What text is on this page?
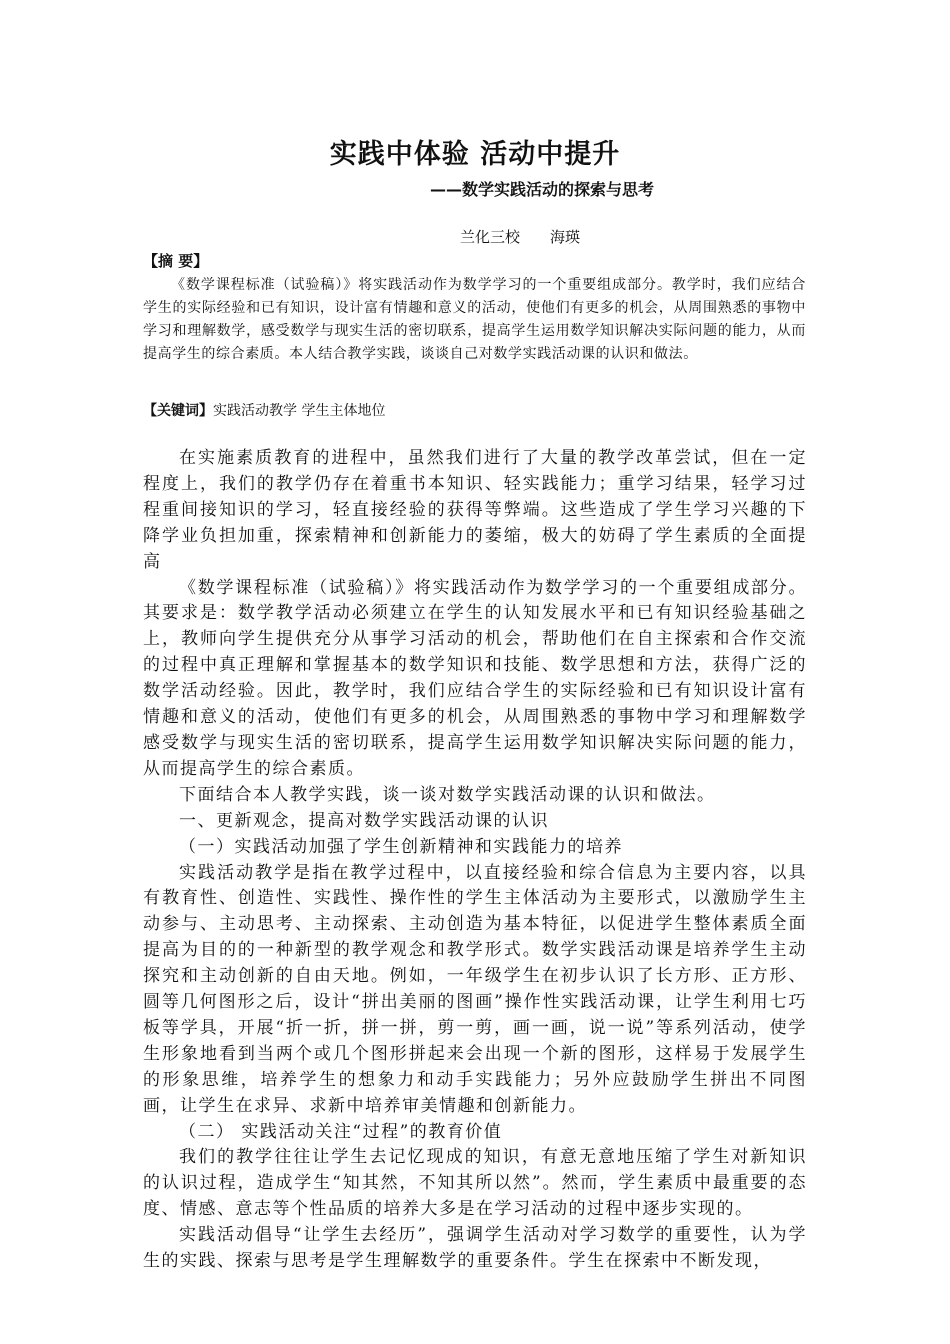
实践中体验 活动中提升
——数学实践活动的探索与思考
兰化三校 海瑛
【摘 要】

《数学课程标准（试验稿）》将实践活动作为数学学习的一个重要组成部分。教学时，我们应结合学生的实际经验和已有知识，设计富有情趣和意义的活动，使他们有更多的机会，从周围熟悉的事物中学习和理解数学，感受数学与现实生活的密切联系，提高学生运用数学知识解决实际问题的能力，从而提高学生的综合素质。本人结合教学实践，谈谈自己对数学实践活动课的认识和做法。

【关键词】实践活动教学 学生主体地位

在实施素质教育的进程中，虽然我们进行了大量的教学改革尝试，但在一定程度上，我们的教学仍存在着重书本知识、轻实践能力；重学习结果，轻学习过程重间接知识的学习，轻直接经验的获得等弊端。这些造成了学生学习兴趣的下降学业负担加重，探索精神和创新能力的萎缩，极大的妨碍了学生素质的全面提高

《数学课程标准（试验稿）》将实践活动作为数学学习的一个重要组成部分。其要求是：数学教学活动必须建立在学生的认知发展水平和已有知识经验基础之上，教师向学生提供充分从事学习活动的机会，帮助他们在自主探索和合作交流的过程中真正理解和掌握基本的数学知识和技能、数学思想和方法，获得广泛的数学活动经验。因此，教学时，我们应结合学生的实际经验和已有知识设计富有情趣和意义的活动，使他们有更多的机会，从周围熟悉的事物中学习和理解数学感受数学与现实生活的密切联系，提高学生运用数学知识解决实际问题的能力，从而提高学生的综合素质。

下面结合本人教学实践，谈一谈对数学实践活动课的认识和做法。

一、更新观念，提高对数学实践活动课的认识

（一）实践活动加强了学生创新精神和实践能力的培养

实践活动教学是指在教学过程中，以直接经验和综合信息为主要内容，以具有教育性、创造性、实践性、操作性的学生主体活动为主要形式，以激励学生主动参与、主动思考、主动探索、主动创造为基本特征，以促进学生整体素质全面提高为目的的一种新型的教学观念和教学形式。数学实践活动课是培养学生主动探究和主动创新的自由天地。例如，一年级学生在初步认识了长方形、正方形、圆等几何图形之后，设计“拼出美丽的图画”操作性实践活动课，让学生利用七巧板等学具，开展“折一折，拼一拼，剪一剪，画一画，说一说”等系列活动，使学生形象地看到当两个或几个图形拼起来会出现一个新的图形，这样易于发展学生的形象思维，培养学生的想象力和动手实践能力；另外应鼓励学生拼出不同图画，让学生在求异、求新中培养审美情趣和创新能力。

（二） 实践活动关注“过程”的教育价值

我们的教学往往让学生去记忆现成的知识，有意无意地压缩了学生对新知识的认识过程，造成学生“知其然，不知其所以然”。然而，学生素质中最重要的态度、情感、意志等个性品质的培养大多是在学习活动的过程中逐步实现的。

实践活动倡导“让学生去经历”，强调学生活动对学习数学的重要性，认为学生的实践、探索与思考是学生理解数学的重要条件。学生在探索中不断发现，
